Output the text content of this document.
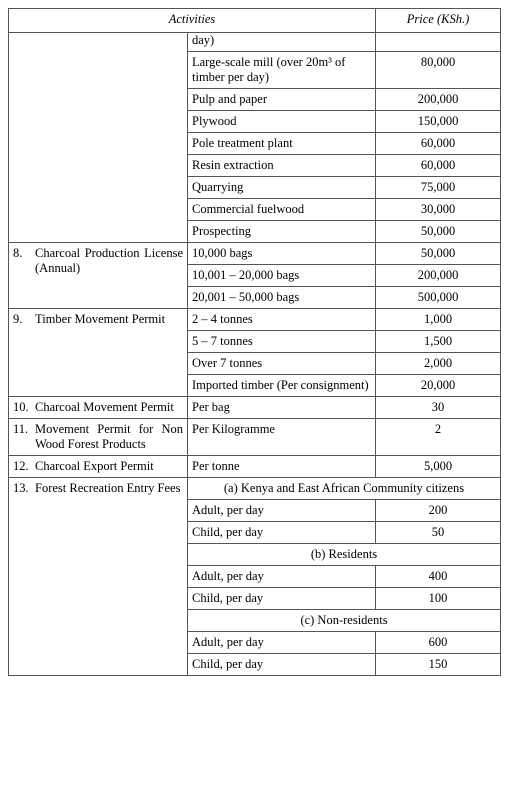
Activities		Price (KSh.)
	day)	
	Large-scale mill (over 20m³ of timber per day)	80,000
	Pulp and paper	200,000
	Plywood	150,000
	Pole treatment plant	60,000
	Resin extraction	60,000
	Quarrying	75,000
	Commercial fuelwood	30,000
	Prospecting	50,000

8. Charcoal Production License (Annual)	10,000 bags	50,000
	10,001 – 20,000 bags	200,000
	20,001 – 50,000 bags	500,000

9. Timber Movement Permit	2 – 4 tonnes	1,000
	5 – 7 tonnes	1,500
	Over 7 tonnes	2,000
	Imported timber (Per consignment)	20,000

10. Charcoal Movement Permit	Per bag	30

11. Movement Permit for Non Wood Forest Products	Per Kilogramme	2

12. Charcoal Export Permit	Per tonne	5,000

13. Forest Recreation Entry Fees	(a) Kenya and East African Community citizens	
	Adult, per day	200
	Child, per day	50
	(b) Residents	
	Adult, per day	400
	Child, per day	100
	(c) Non-residents	
	Adult, per day	600
	Child, per day	150
